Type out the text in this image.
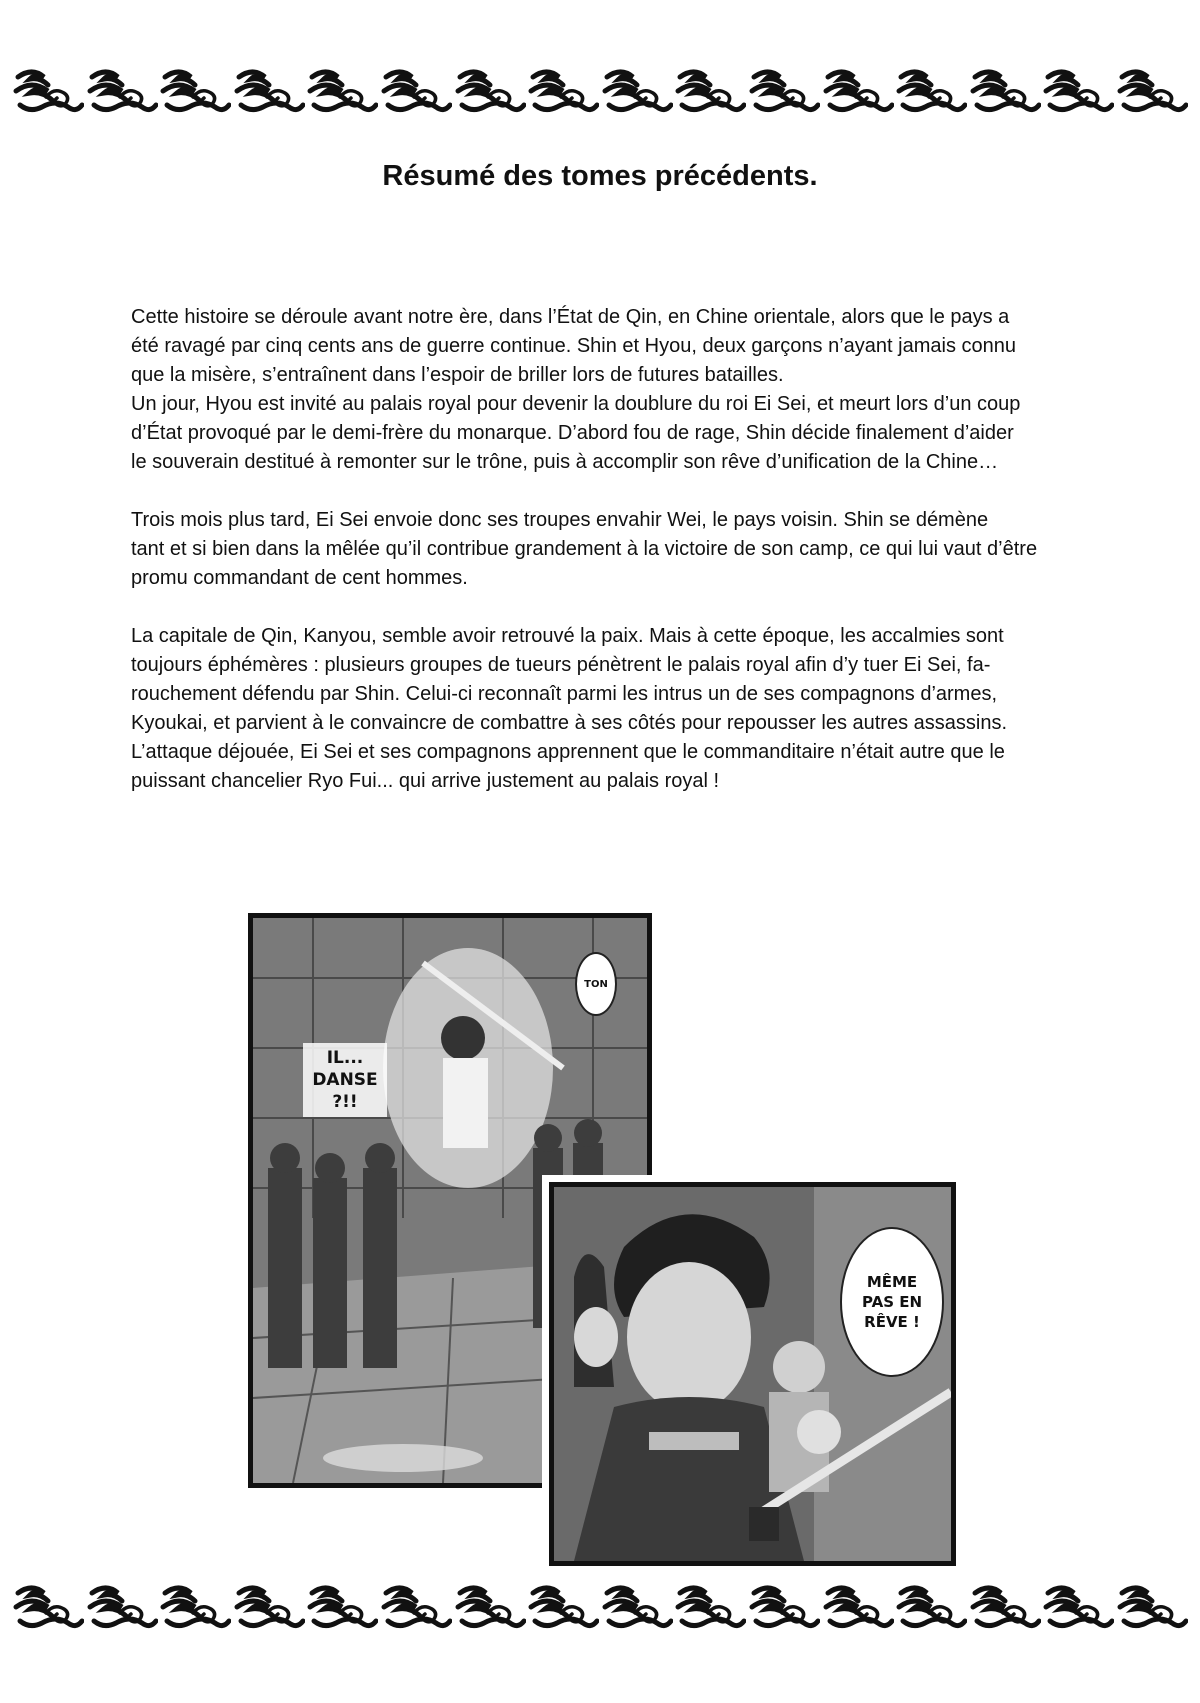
Résumé des tomes précédents.

Cette histoire se déroule avant notre ère, dans l’État de Qin, en Chine orientale, alors que le pays a
été ravagé par cinq cents ans de guerre continue. Shin et Hyou, deux garçons n’ayant jamais connu
que la misère, s’entraînent dans l’espoir de briller lors de futures batailles.
Un jour, Hyou est invité au palais royal pour devenir la doublure du roi Ei Sei, et meurt lors d’un coup
d’État provoqué par le demi-frère du monarque. D’abord fou de rage, Shin décide finalement d’aider
le souverain destitué à remonter sur le trône, puis à accomplir son rêve d’unification de la Chine…

Trois mois plus tard, Ei Sei envoie donc ses troupes envahir Wei, le pays voisin. Shin se démène
tant et si bien dans la mêlée qu’il contribue grandement à la victoire de son camp, ce qui lui vaut d’être
promu commandant de cent hommes.

La capitale de Qin, Kanyou, semble avoir retrouvé la paix. Mais à cette époque, les accalmies sont
toujours éphémères : plusieurs groupes de tueurs pénètrent le palais royal afin d’y tuer Ei Sei, fa-
rouchement défendu par Shin. Celui-ci reconnaît parmi les intrus un de ses compagnons d’armes,
Kyoukai, et parvient à le convaincre de combattre à ses côtés pour repousser les autres assassins.
L’attaque déjouée, Ei Sei et ses compagnons apprennent que le commanditaire n’était autre que le
puissant chancelier Ryo Fui... qui arrive justement au palais royal !

TON
IL...
DANSE
?!!
MÊME
PAS EN
RÊVE !
